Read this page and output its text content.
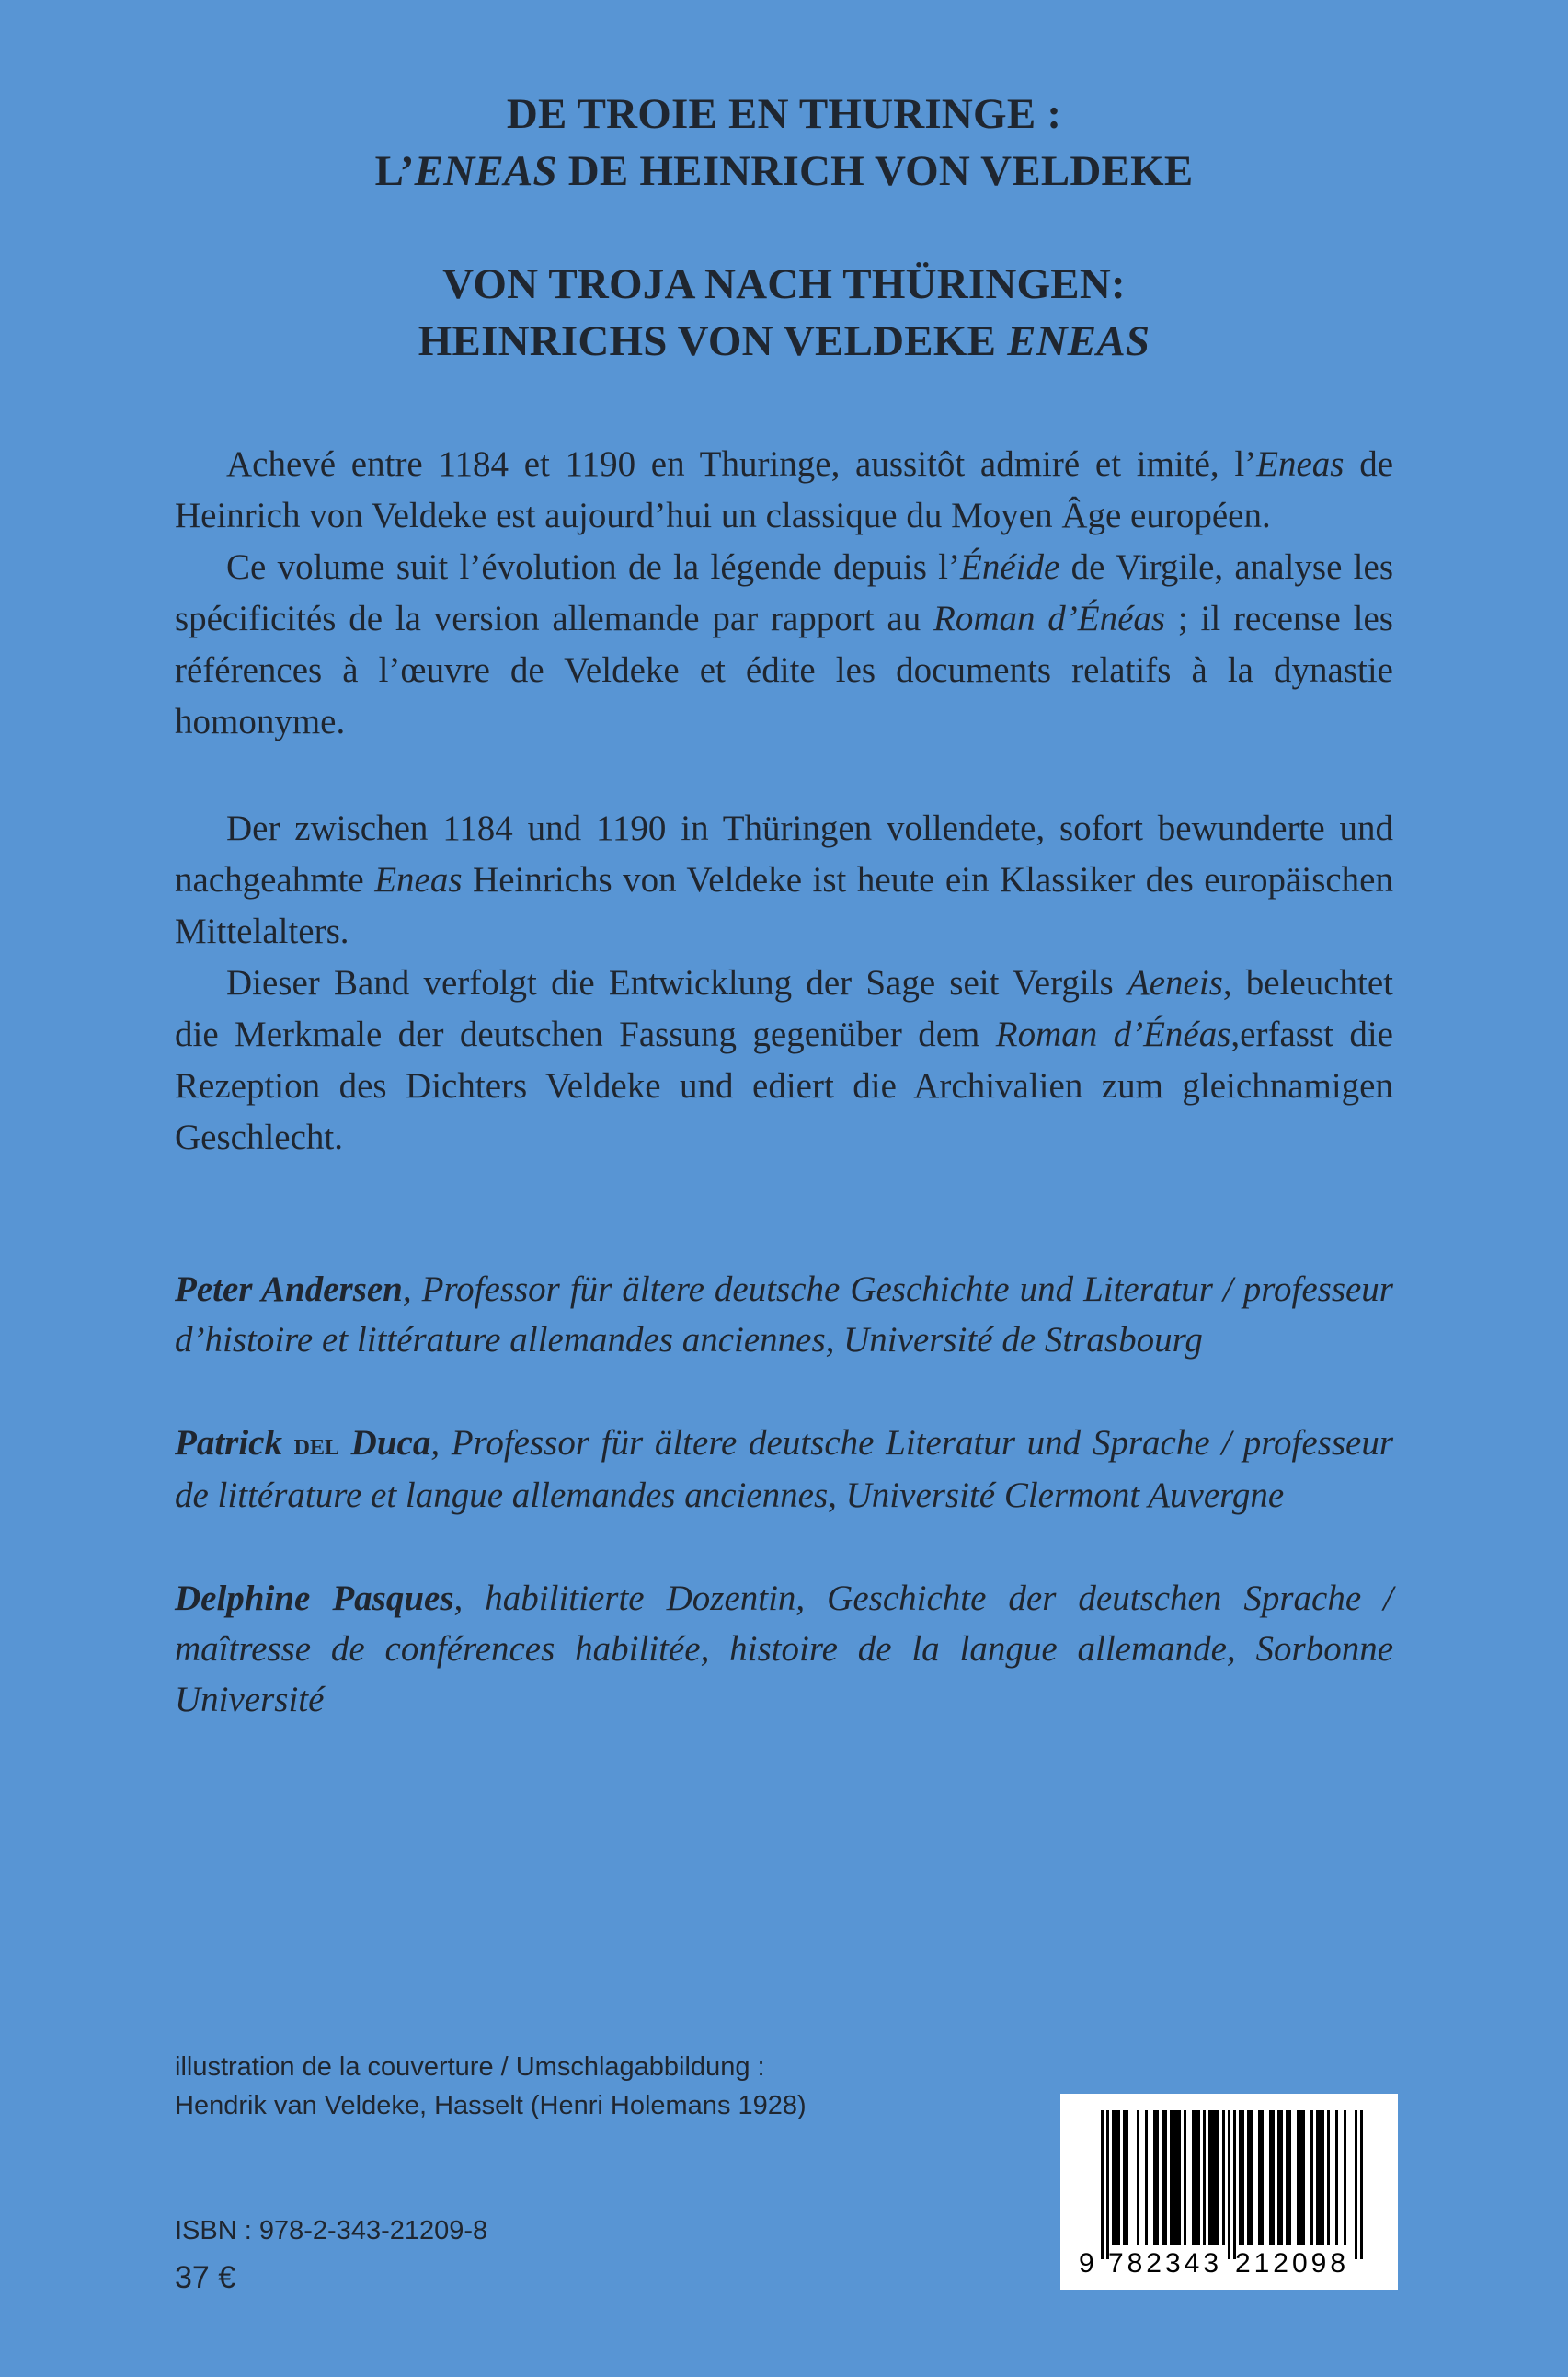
DE TROIE EN THURINGE :
L’ENEAS DE HEINRICH VON VELDEKE
VON TROJA NACH THÜRINGEN:
HEINRICHS VON VELDEKE ENEAS

Achevé entre 1184 et 1190 en Thuringe, aussitôt admiré et imité, l’Eneas de Heinrich von Veldeke est aujourd’hui un classique du Moyen Âge européen.

Ce volume suit l’évolution de la légende depuis l’Énéide de Virgile, analyse les spécificités de la version allemande par rapport au Roman d’Énéas ; il recense les références à l’œuvre de Veldeke et édite les documents relatifs à la dynastie homonyme.

Der zwischen 1184 und 1190 in Thüringen vollendete, sofort bewunderte und nachgeahmte Eneas Heinrichs von Veldeke ist heute ein Klassiker des europäischen Mittelalters.

Dieser Band verfolgt die Entwicklung der Sage seit Vergils Aeneis, beleuchtet die Merkmale der deutschen Fassung gegenüber dem Roman d’Énéas,erfasst die Rezeption des Dichters Veldeke und ediert die Archivalien zum gleichnamigen Geschlecht.

Peter Andersen, Professor für ältere deutsche Geschichte und Literatur / professeur d’histoire et littérature allemandes anciennes, Université de Strasbourg

Patrick del Duca, Professor für ältere deutsche Literatur und Sprache / professeur de littérature et langue allemandes anciennes, Université Clermont Auvergne

Delphine Pasques, habilitierte Dozentin, Geschichte der deutschen Sprache / maîtresse de conférences habilitée, histoire de la langue allemande, Sorbonne Université

illustration de la couverture / Umschlagabbildung :
Hendrik van Veldeke, Hasselt (Henri Holemans 1928)
ISBN : 978-2-343-21209-8
37 €	9 782343 212098
